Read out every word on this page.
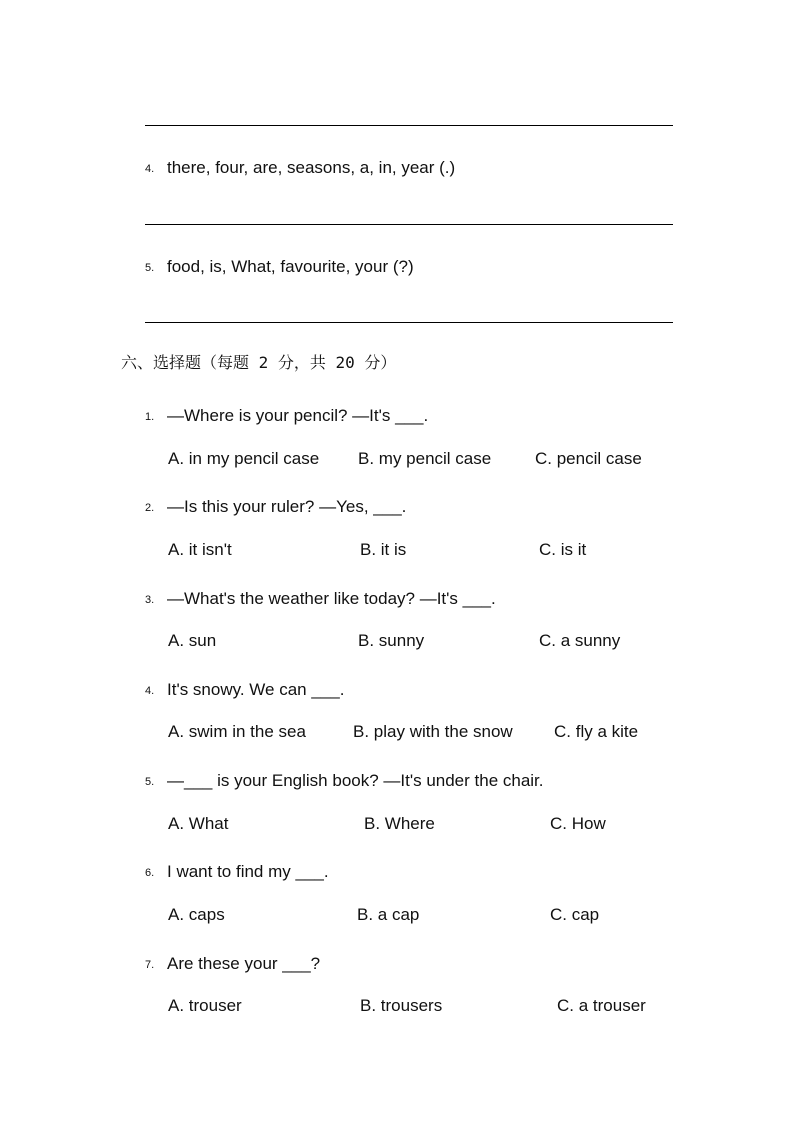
4. there, four, are, seasons, a, in, year (.)
5. food, is, What, favourite, your (?)
六、选择题（每题 2 分，共 20 分）
1. —Where is your pencil? —It's ___.
A. in my pencil case B. my pencil case	C. pencil case
2. —Is this your ruler? —Yes, ___.
A. it isn't	B. it is	C. is it
3. —What's the weather like today? —It's ___.
A. sun	B. sunny	C. a sunny
4. It's snowy. We can ___.
A. swim in the sea	B. play with the snow C. fly a kite
5. —___ is your English book? —It's under the chair.
A. What	B. Where	C. How
6. I want to find my ___.
A. caps	B. a cap	C. cap
7. Are these your ___?
A. trouser	B. trousers	C. a trouser
